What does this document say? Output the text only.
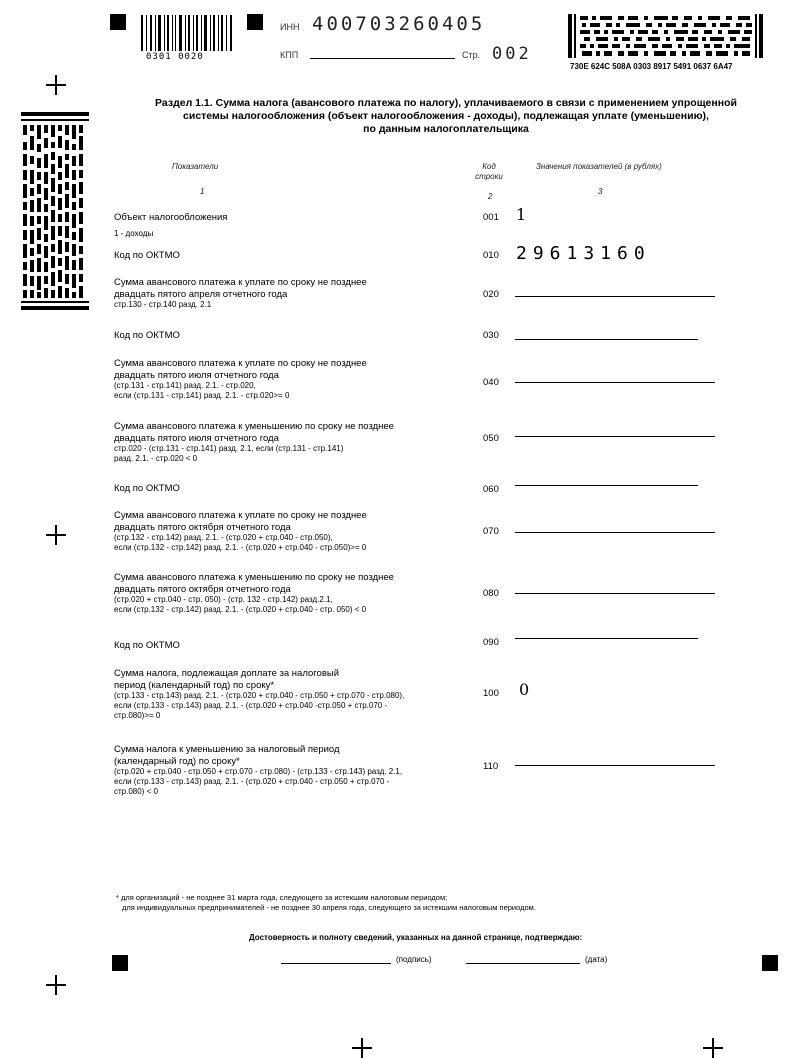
0301 0020
ИНН 400703260405
КПП	Стр. 002
730E 624C 508A 0303 8917 5491 0637 6A47
Раздел 1.1. Сумма налога (авансового платежа по налогу), уплачиваемого в связи с применением упрощенной
системы налогообложения (объект налогообложения - доходы), подлежащая уплате (уменьшению),
по данным налогоплательщика
Показатели	Код
строки
Значения показателей (в рублях)
1
2
3
Объект налогообложения
1 - доходы
001	1
Код по ОКТМО	010 29613160
Сумма авансового платежа к уплате по сроку не позднее
двадцать пятого апреля отчетного года
стр.130 - стр.140 разд. 2.1
020
Код по ОКТМО	030
Сумма авансового платежа к уплате по сроку не позднее
двадцать пятого июля отчетного года
(стр.131 - стр.141) разд. 2.1. - стр.020,
если (стр.131 - стр.141) разд. 2.1. - стр.020>= 0
040
Сумма авансового платежа к уменьшению по сроку не позднее
двадцать пятого июля отчетного года
стр.020 - (стр.131 - стр.141) разд. 2.1, если (стр.131 - стр.141)
разд. 2.1. - стр.020 < 0
050
Код по ОКТМО	060
Сумма авансового платежа к уплате по сроку не позднее
двадцать пятого октября отчетного года
(стр.132 - стр.142) разд. 2.1. - (стр.020 + стр.040 - стр.050),
если (стр.132 - стр.142) разд. 2.1. - (стр.020 + стр.040 - стр.050)>= 0
070
Сумма авансового платежа к уменьшению по сроку не позднее
двадцать пятого октября отчетного года
(стр.020 + стр.040 - стр. 050) - (стр. 132 - стр.142) разд.2.1,
если (стр.132 - стр.142) разд. 2.1. - (стр.020 + стр.040 - стр. 050) < 0
080
Код по ОКТМО	090
Сумма налога, подлежащая доплате за налоговый
период (календарный год) по сроку*
(стр.133 - стр.143) разд. 2.1. - (стр.020 + стр.040 - стр.050 + стр.070 - стр.080),
если (стр.133 - стр.143) разд. 2.1. - (стр.020 + стр.040 -стр.050 + стр.070 -
стр.080)>= 0
100	0
Сумма налога к уменьшению за налоговый период
(календарный год) по сроку*
(стр.020 + стр.040 - стр.050 + стр.070 - стр.080) - (стр.133 - стр.143) разд. 2.1,
если (стр.133 - стр.143) разд. 2.1. - (стр.020 + стр.040 - стр.050 + стр.070 -
стр.080) < 0
110
* для организаций - не позднее 31 марта года, следующего за истекшим налоговым периодом;
для индивидуальных предпринимателей - не позднее 30 апреля года, следующего за истекшим налоговым периодом.
Достоверность и полноту сведений, указанных на данной странице, подтверждаю:
(подпись)	(дата)
